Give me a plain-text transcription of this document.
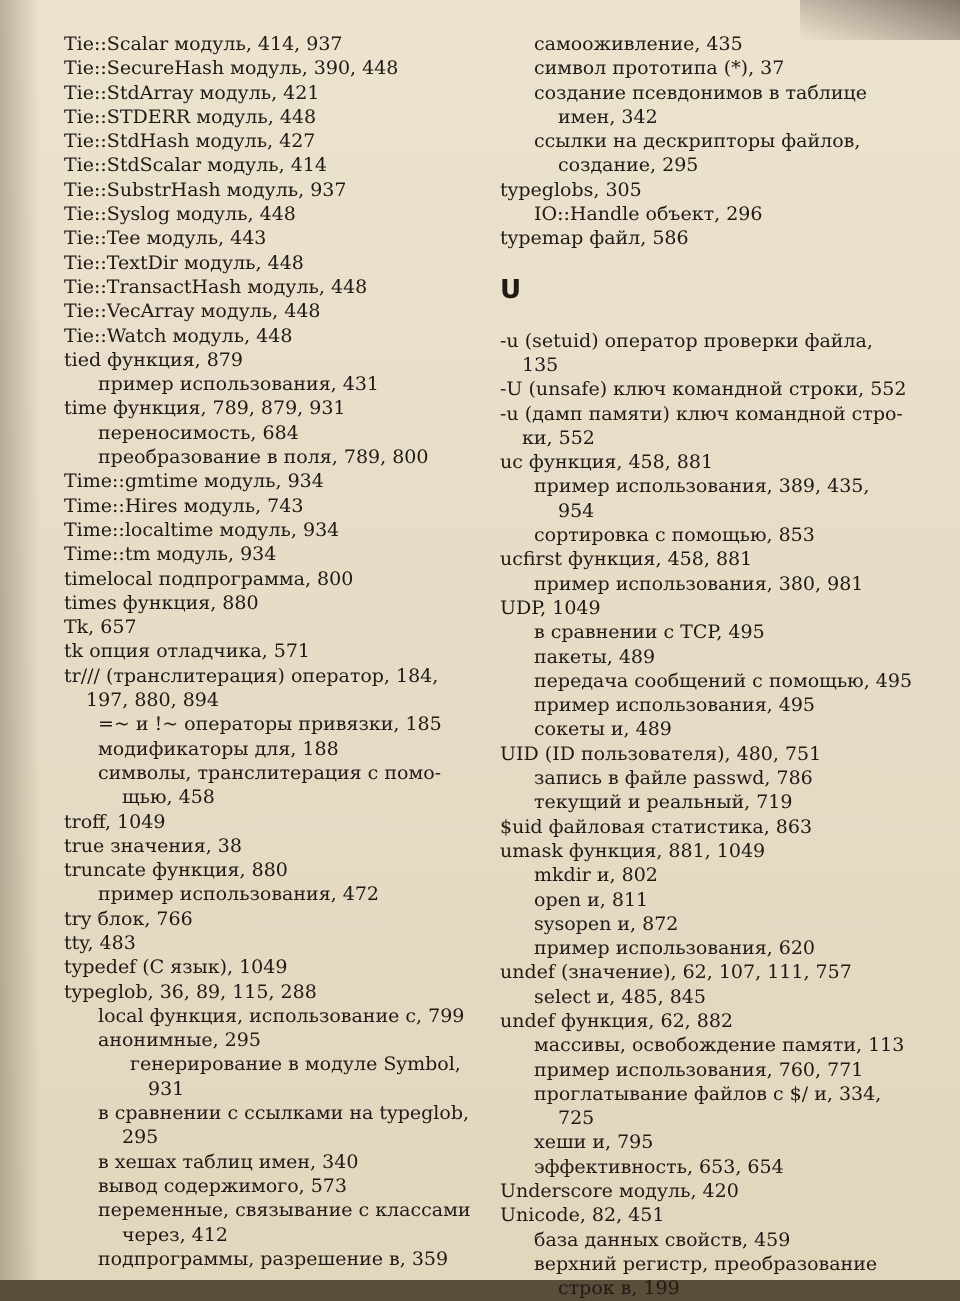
Tie::Scalar модуль, 414, 937
Tie::SecureHash модуль, 390, 448
Tie::StdArray модуль, 421
Tie::STDERR модуль, 448
Tie::StdHash модуль, 427
Tie::StdScalar модуль, 414
Tie::SubstrHash модуль, 937
Tie::Syslog модуль, 448
Tie::Tee модуль, 443
Tie::TextDir модуль, 448
Tie::TransactHash модуль, 448
Tie::VecArray модуль, 448
Tie::Watch модуль, 448
tied функция, 879
пример использования, 431
time функция, 789, 879, 931
переносимость, 684
преобразование в поля, 789, 800
Time::gmtime модуль, 934
Time::Hires модуль, 743
Time::localtime модуль, 934
Time::tm модуль, 934
timelocal подпрограмма, 800
times функция, 880
Tk, 657
tk опция отладчика, 571
tr/// (транслитерация) оператор, 184,
197, 880, 894
=~ и !~ операторы привязки, 185
модификаторы для, 188
символы, транслитерация с помо-
щью, 458
troff, 1049
true значения, 38
truncate функция, 880
пример использования, 472
try блок, 766
tty, 483
typedef (С язык), 1049
typeglob, 36, 89, 115, 288
local функция, использование с, 799
анонимные, 295
генерирование в модуле Symbol,
931
в сравнении с ссылками на typeglob,
295
в хешах таблиц имен, 340
вывод содержимого, 573
переменные, связывание с классами
через, 412
подпрограммы, разрешение в, 359
самооживление, 435
символ прототипа (*), 37
создание псевдонимов в таблице
имен, 342
ссылки на дескрипторы файлов,
создание, 295
typeglobs, 305
IO::Handle объект, 296
typemap файл, 586
U
-u (setuid) оператор проверки файла,
135
-U (unsafe) ключ командной строки, 552
-u (дамп памяти) ключ командной стро-
ки, 552
uc функция, 458, 881
пример использования, 389, 435,
954
сортировка с помощью, 853
ucfirst функция, 458, 881
пример использования, 380, 981
UDP, 1049
в сравнении с TCP, 495
пакеты, 489
передача сообщений с помощью, 495
пример использования, 495
сокеты и, 489
UID (ID пользователя), 480, 751
запись в файле passwd, 786
текущий и реальный, 719
$uid файловая статистика, 863
umask функция, 881, 1049
mkdir и, 802
open и, 811
sysopen и, 872
пример использования, 620
undef (значение), 62, 107, 111, 757
select и, 485, 845
undef функция, 62, 882
массивы, освобождение памяти, 113
пример использования, 760, 771
проглатывание файлов с $/ и, 334,
725
хеши и, 795
эффективность, 653, 654
Underscore модуль, 420
Unicode, 82, 451
база данных свойств, 459
верхний регистр, преобразование
строк в, 199
